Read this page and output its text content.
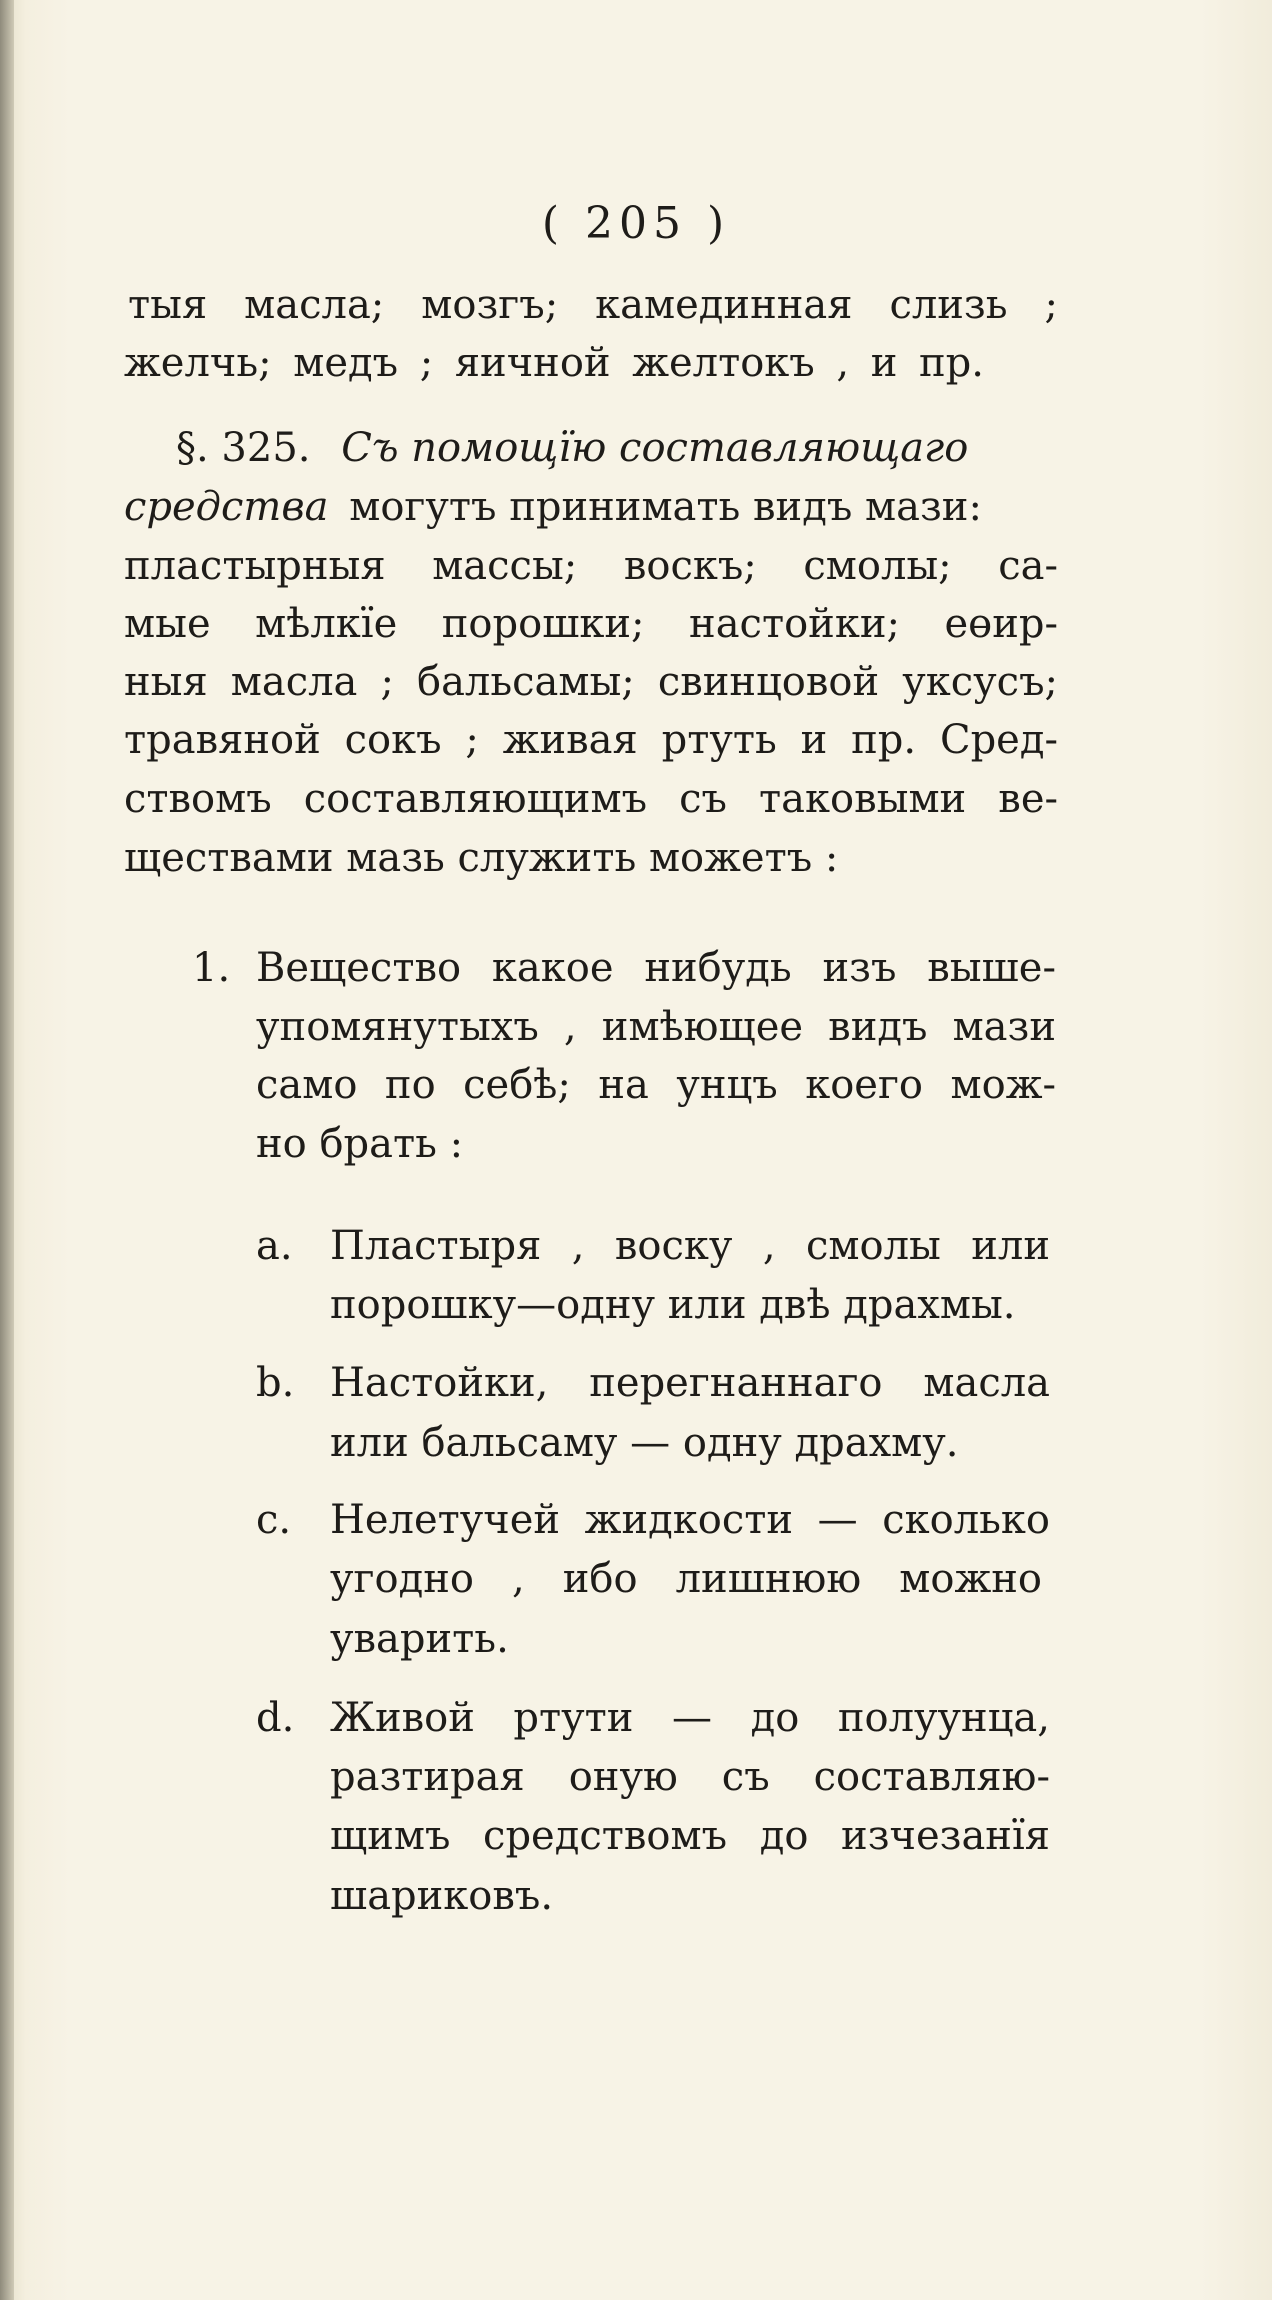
( 205 )
тыя масла; мозгъ; камединная слизь ;
желчь; медъ ; яичной желтокъ , и пр.
§. 325. Съ помощїю составляющаго
средства могутъ принимать видъ мази:
пластырныя массы; воскъ; смолы; са-
мые мѣлкїе порошки; настойки; еөир-
ныя масла ; бальсамы; свинцовой уксусъ;
травяной сокъ ; живая ртуть и пр. Сред-
ствомъ составляющимъ съ таковыми ве-
ществами мазь служить можетъ :
1. Вещество какое нибудь изъ выше-
упомянутыхъ , имѣющее видъ мази
само по себѣ; на унцъ коего мож-
но брать :
a. Пластыря , воску , смолы или
порошку—одну или двѣ драхмы.
b. Настойки, перегнаннаго масла
или бальсаму — одну драхму.
c. Нелетучей жидкости — сколько
угодно , ибо лишнюю можно
уварить.
d. Живой ртути — до полуунца,
разтирая оную съ составляю-
щимъ средствомъ до изчезанїя
шариковъ.
